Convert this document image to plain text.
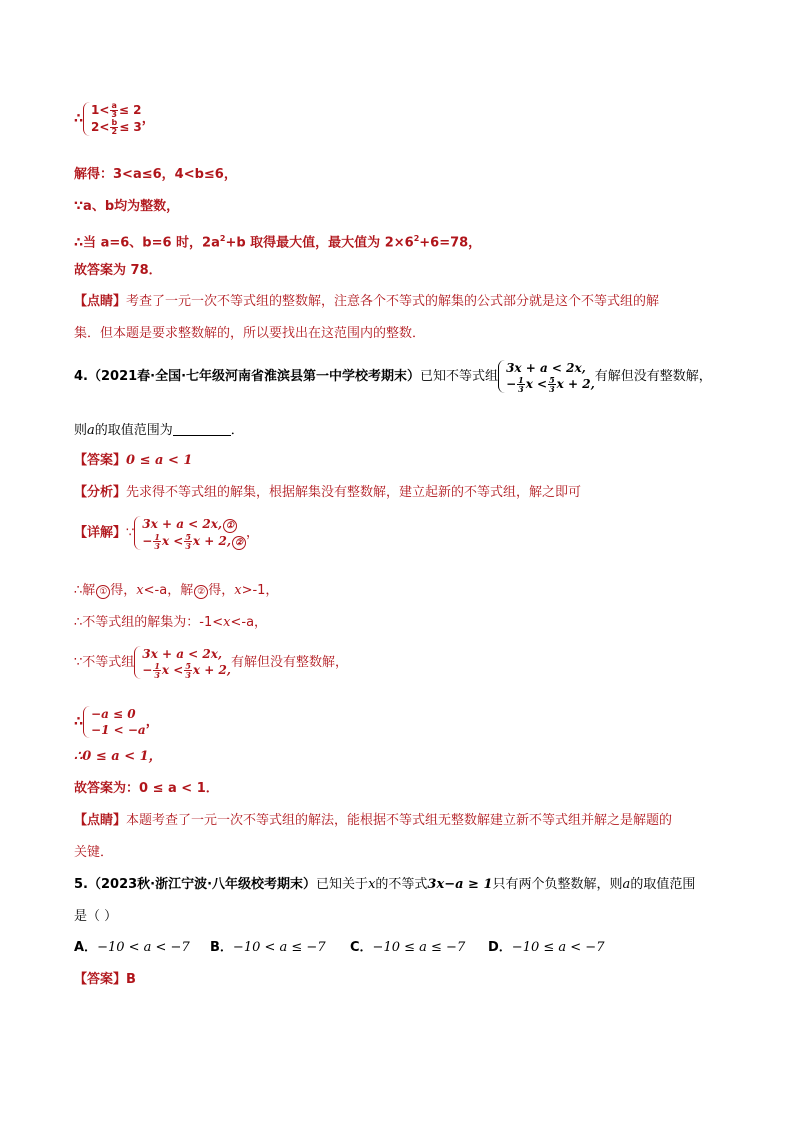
∴
$1< \frac{a}{3} \le 2$
$2< \frac{b}{2} \le 3$
，
解得：3<a≤6，4<b≤6，
∵a、b均为整数，
∴当 a=6、b=6 时，$2a^2+b$ 取得最大值，最大值为 $2\times 6^2+6=78$，
故答案为 78．
【点睛】考查了一元一次不等式组的整数解，注意各个不等式的解集的公式部分就是这个不等式组的解
集．但本题是要求整数解的，所以要找出在这范围内的整数．
4.（2021春·全国·七年级河南省淮滨县第一中学校考期末）已知不等式组
3x + a < 2x,
− $\frac{1}{3}$ $x < \frac{5}{3}$ x + 2, 有解但没有整数解，
则a的取值范围为	．
【答案】0 ≤ a < 1
【分析】先求得不等式组的解集，根据解集没有整数解，建立起新的不等式组，解之即可
【详解】∵
3x + a < 2x, ①
− $\frac{1}{3}$ $x < \frac{5}{3}$ x + 2, ②
，
∴解 ① 得，x<-a，解 ② 得，x>-1，
∴不等式组的解集为：-1<x<-a，
∵不等式组
3x + a < 2x,
− $\frac{1}{3}$ $x < \frac{5}{3}$ x + 2, 有解但没有整数解，
∴
−a ≤ 0
−1 < −a
，
∴0 ≤ a < 1，
故答案为：0 ≤ a < 1．
【点睛】本题考查了一元一次不等式组的解法，能根据不等式组无整数解建立新不等式组并解之是解题的
关键．
5.（2023秋·浙江宁波·八年级校考期末）已知关于x的不等式3x−a ≥ 1只有两个负整数解，则a的取值范围
是（ ）
A．−10 < a < −7 B．−10 < a ≤ −7 C．−10 ≤ a ≤ −7 D．−10 ≤ a < −7
【答案】B
